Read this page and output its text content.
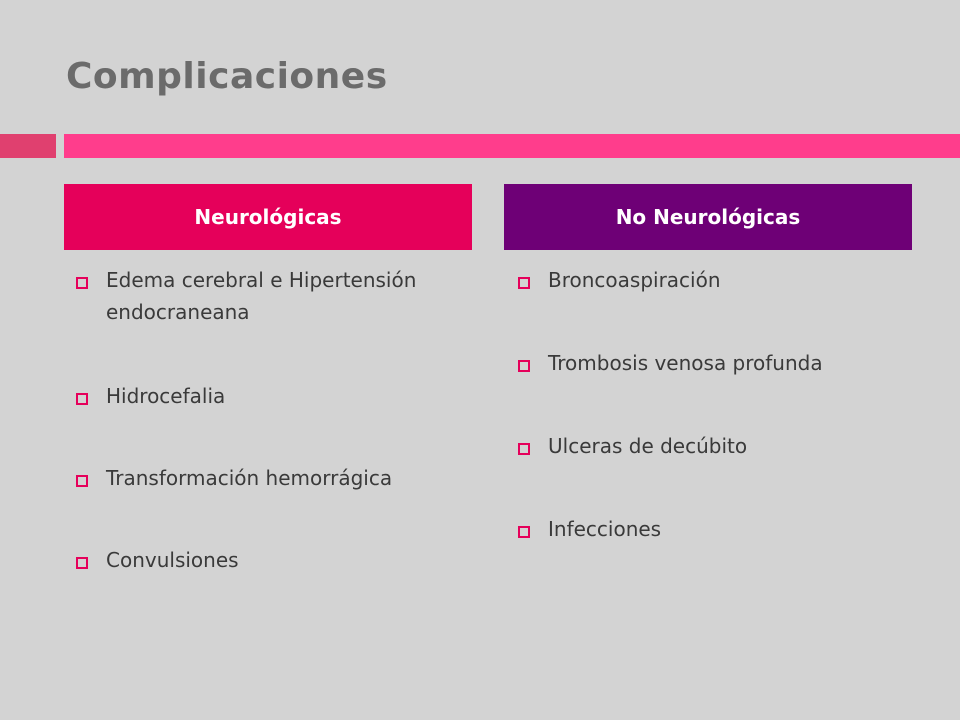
Complicaciones
Neurológicas	No Neurológicas
Edema cerebral e Hipertensión endocraneana
Hidrocefalia
Transformación hemorrágica
Convulsiones
Broncoaspiración
Trombosis venosa profunda
Ulceras de decúbito
Infecciones
